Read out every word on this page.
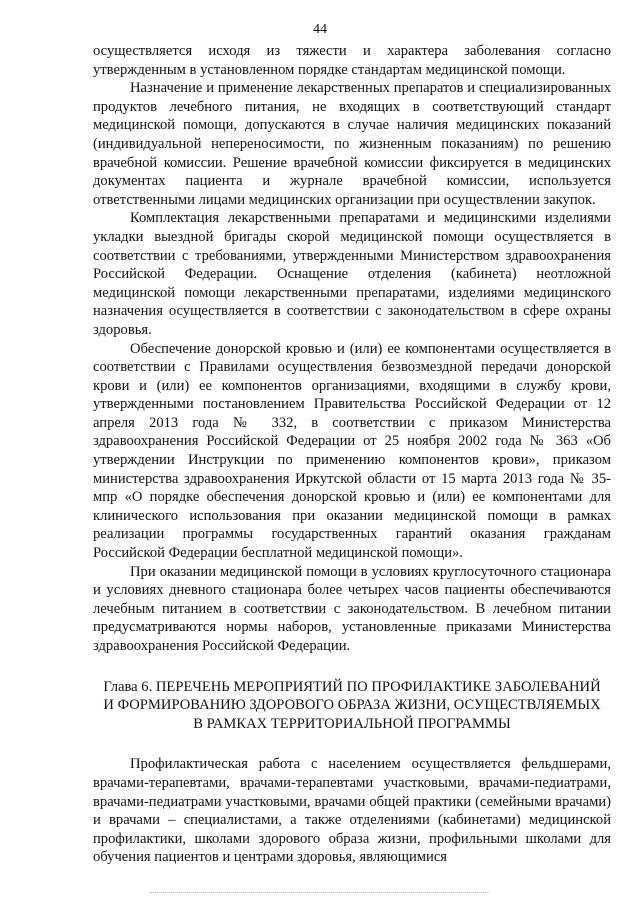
44

осуществляется исходя из тяжести и характера заболевания согласно утвержденным в установленном порядке стандартам медицинской помощи.

Назначение и применение лекарственных препаратов и специализированных продуктов лечебного питания, не входящих в соответствующий стандарт медицинской помощи, допускаются в случае наличия медицинских показаний (индивидуальной непереносимости, по жизненным показаниям) по решению врачебной комиссии. Решение врачебной комиссии фиксируется в медицинских документах пациента и журнале врачебной комиссии, используется ответственными лицами медицинских организации при осуществлении закупок.

Комплектация лекарственными препаратами и медицинскими изделиями укладки выездной бригады скорой медицинской помощи осуществляется в соответствии с требованиями, утвержденными Министерством здравоохранения Российской Федерации. Оснащение отделения (кабинета) неотложной медицинской помощи лекарственными препаратами, изделиями медицинского назначения осуществляется в соответствии с законодательством в сфере охраны здоровья.

Обеспечение донорской кровью и (или) ее компонентами осуществляется в соответствии с Правилами осуществления безвозмездной передачи донорской крови и (или) ее компонентов организациями, входящими в службу крови, утвержденными постановлением Правительства Российской Федерации от 12 апреля 2013 года № 332, в соответствии с приказом Министерства здравоохранения Российской Федерации от 25 ноября 2002 года № 363 «Об утверждении Инструкции по применению компонентов крови», приказом министерства здравоохранения Иркутской области от 15 марта 2013 года № 35-мпр «О порядке обеспечения донорской кровью и (или) ее компонентами для клинического использования при оказании медицинской помощи в рамках реализации программы государственных гарантий оказания гражданам Российской Федерации бесплатной медицинской помощи».

При оказании медицинской помощи в условиях круглосуточного стационара и условиях дневного стационара более четырех часов пациенты обеспечиваются лечебным питанием в соответствии с законодательством. В лечебном питании предусматриваются нормы наборов, установленные приказами Министерства здравоохранения Российской Федерации.

Глава 6. ПЕРЕЧЕНЬ МЕРОПРИЯТИЙ ПО ПРОФИЛАКТИКЕ ЗАБОЛЕВАНИЙ
И ФОРМИРОВАНИЮ ЗДОРОВОГО ОБРАЗА ЖИЗНИ, ОСУЩЕСТВЛЯЕМЫХ
В РАМКАХ ТЕРРИТОРИАЛЬНОЙ ПРОГРАММЫ

Профилактическая работа с населением осуществляется фельдшерами, врачами-терапевтами, врачами-терапевтами участковыми, врачами-педиатрами, врачами-педиатрами участковыми, врачами общей практики (семейными врачами) и врачами – специалистами, а также отделениями (кабинетами) медицинской профилактики, школами здорового образа жизни, профильными школами для обучения пациентов и центрами здоровья, являющимися
